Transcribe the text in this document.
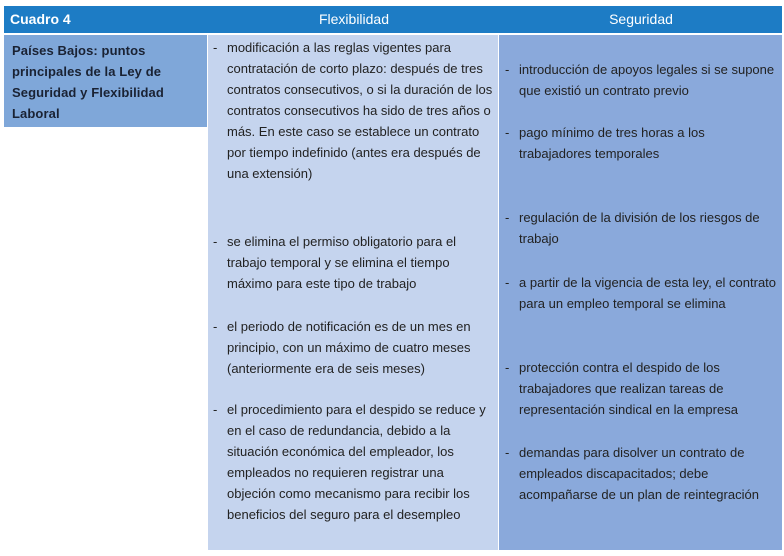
Cuadro 4	Flexibilidad	Seguridad
Países Bajos: puntos principales de la Ley de Seguridad y Flexibilidad Laboral
- modificación a las reglas vigentes para contratación de corto plazo: después de tres contratos consecutivos, o si la duración de los contratos consecutivos ha sido de tres años o más. En este caso se establece un contrato por tiempo indefinido (antes era después de una extensión)
- se elimina el permiso obligatorio para el trabajo temporal y se elimina el tiempo máximo para este tipo de trabajo
- el periodo de notificación es de un mes en principio, con un máximo de cuatro meses (anteriormente era de seis meses)
- el procedimiento para el despido se reduce y en el caso de redundancia, debido a la situación económica del empleador, los empleados no requieren registrar una objeción como mecanismo para recibir los beneficios del seguro para el desempleo
- introducción de apoyos legales si se supone que existió un contrato previo
- pago mínimo de tres horas a los trabajadores temporales
- regulación de la división de los riesgos de trabajo
- a partir de la vigencia de esta ley, el contrato para un empleo temporal se elimina
- protección contra el despido de los trabajadores que realizan tareas de representación sindical en la empresa
- demandas para disolver un contrato de empleados discapacitados; debe acompañarse de un plan de reintegración
